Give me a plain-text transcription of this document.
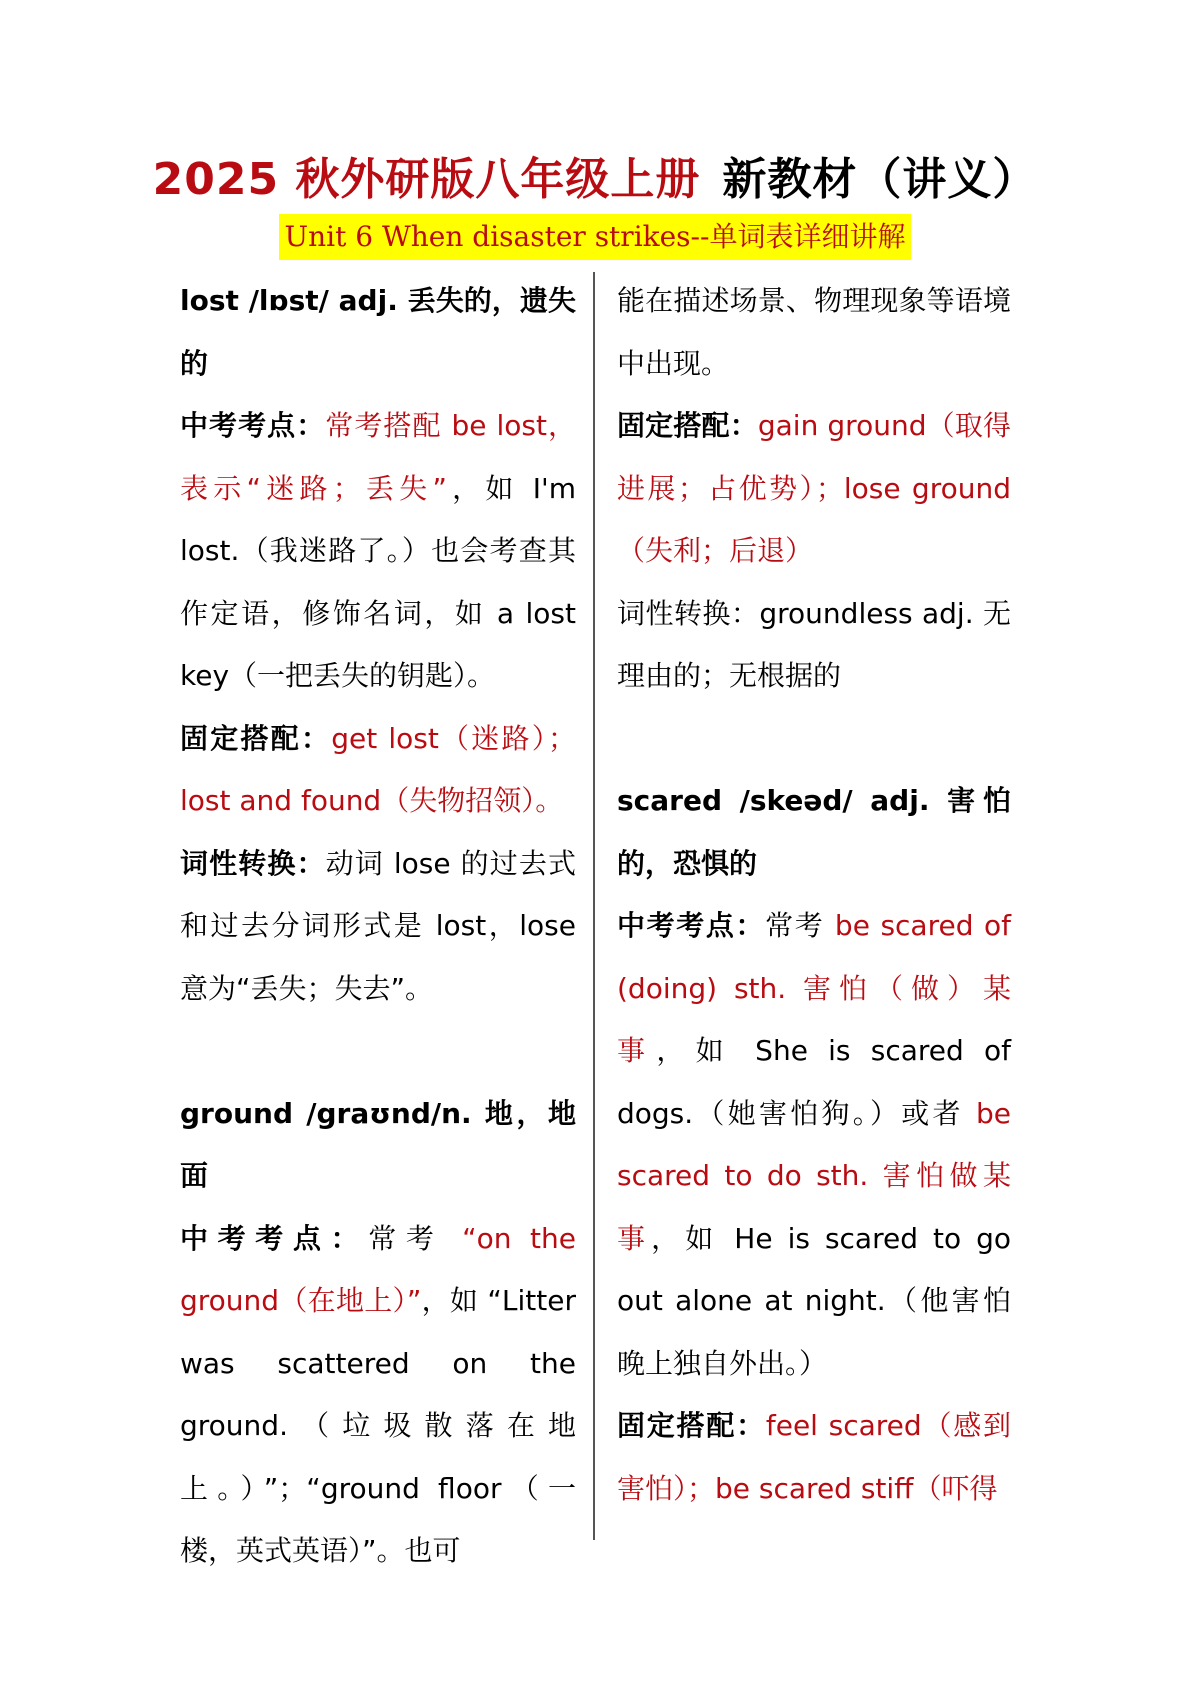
2025 秋外研版八年级上册 新教材（讲义）
Unit 6 When disaster strikes--单词表详细讲解

lost /lɒst/ adj. 丢失的，遗失的

中考考点：常考搭配 be lost，表示“迷路；丢失”，如 I'm lost.（我迷路了。）也会考查其作定语，修饰名词，如 a lost key（一把丢失的钥匙）。

固定搭配：get lost（迷路）；lost and found（失物招领）。

词性转换：动词 lose 的过去式和过去分词形式是 lost，lose 意为“丢失；失去”。

ground /graʊnd/n. 地，地面

中考考点：常考 “on the ground（在地上）”，如 “Litter was scattered on the ground.（垃圾散落在地上。）”；“ground floor（一楼，英式英语）”。也可

能在描述场景、物理现象等语境中出现。

固定搭配：gain ground（取得进展；占优势）；lose ground（失利；后退）

词性转换：groundless adj. 无理由的；无根据的

scared /skeəd/ adj. 害怕的，恐惧的

中考考点：常考 be scared of (doing) sth. 害怕（做）某事，如 She is scared of dogs.（她害怕狗。）或者 be scared to do sth. 害怕做某事，如 He is scared to go out alone at night.（他害怕晚上独自外出。）

固定搭配：feel scared（感到害怕）；be scared stiff（吓得
